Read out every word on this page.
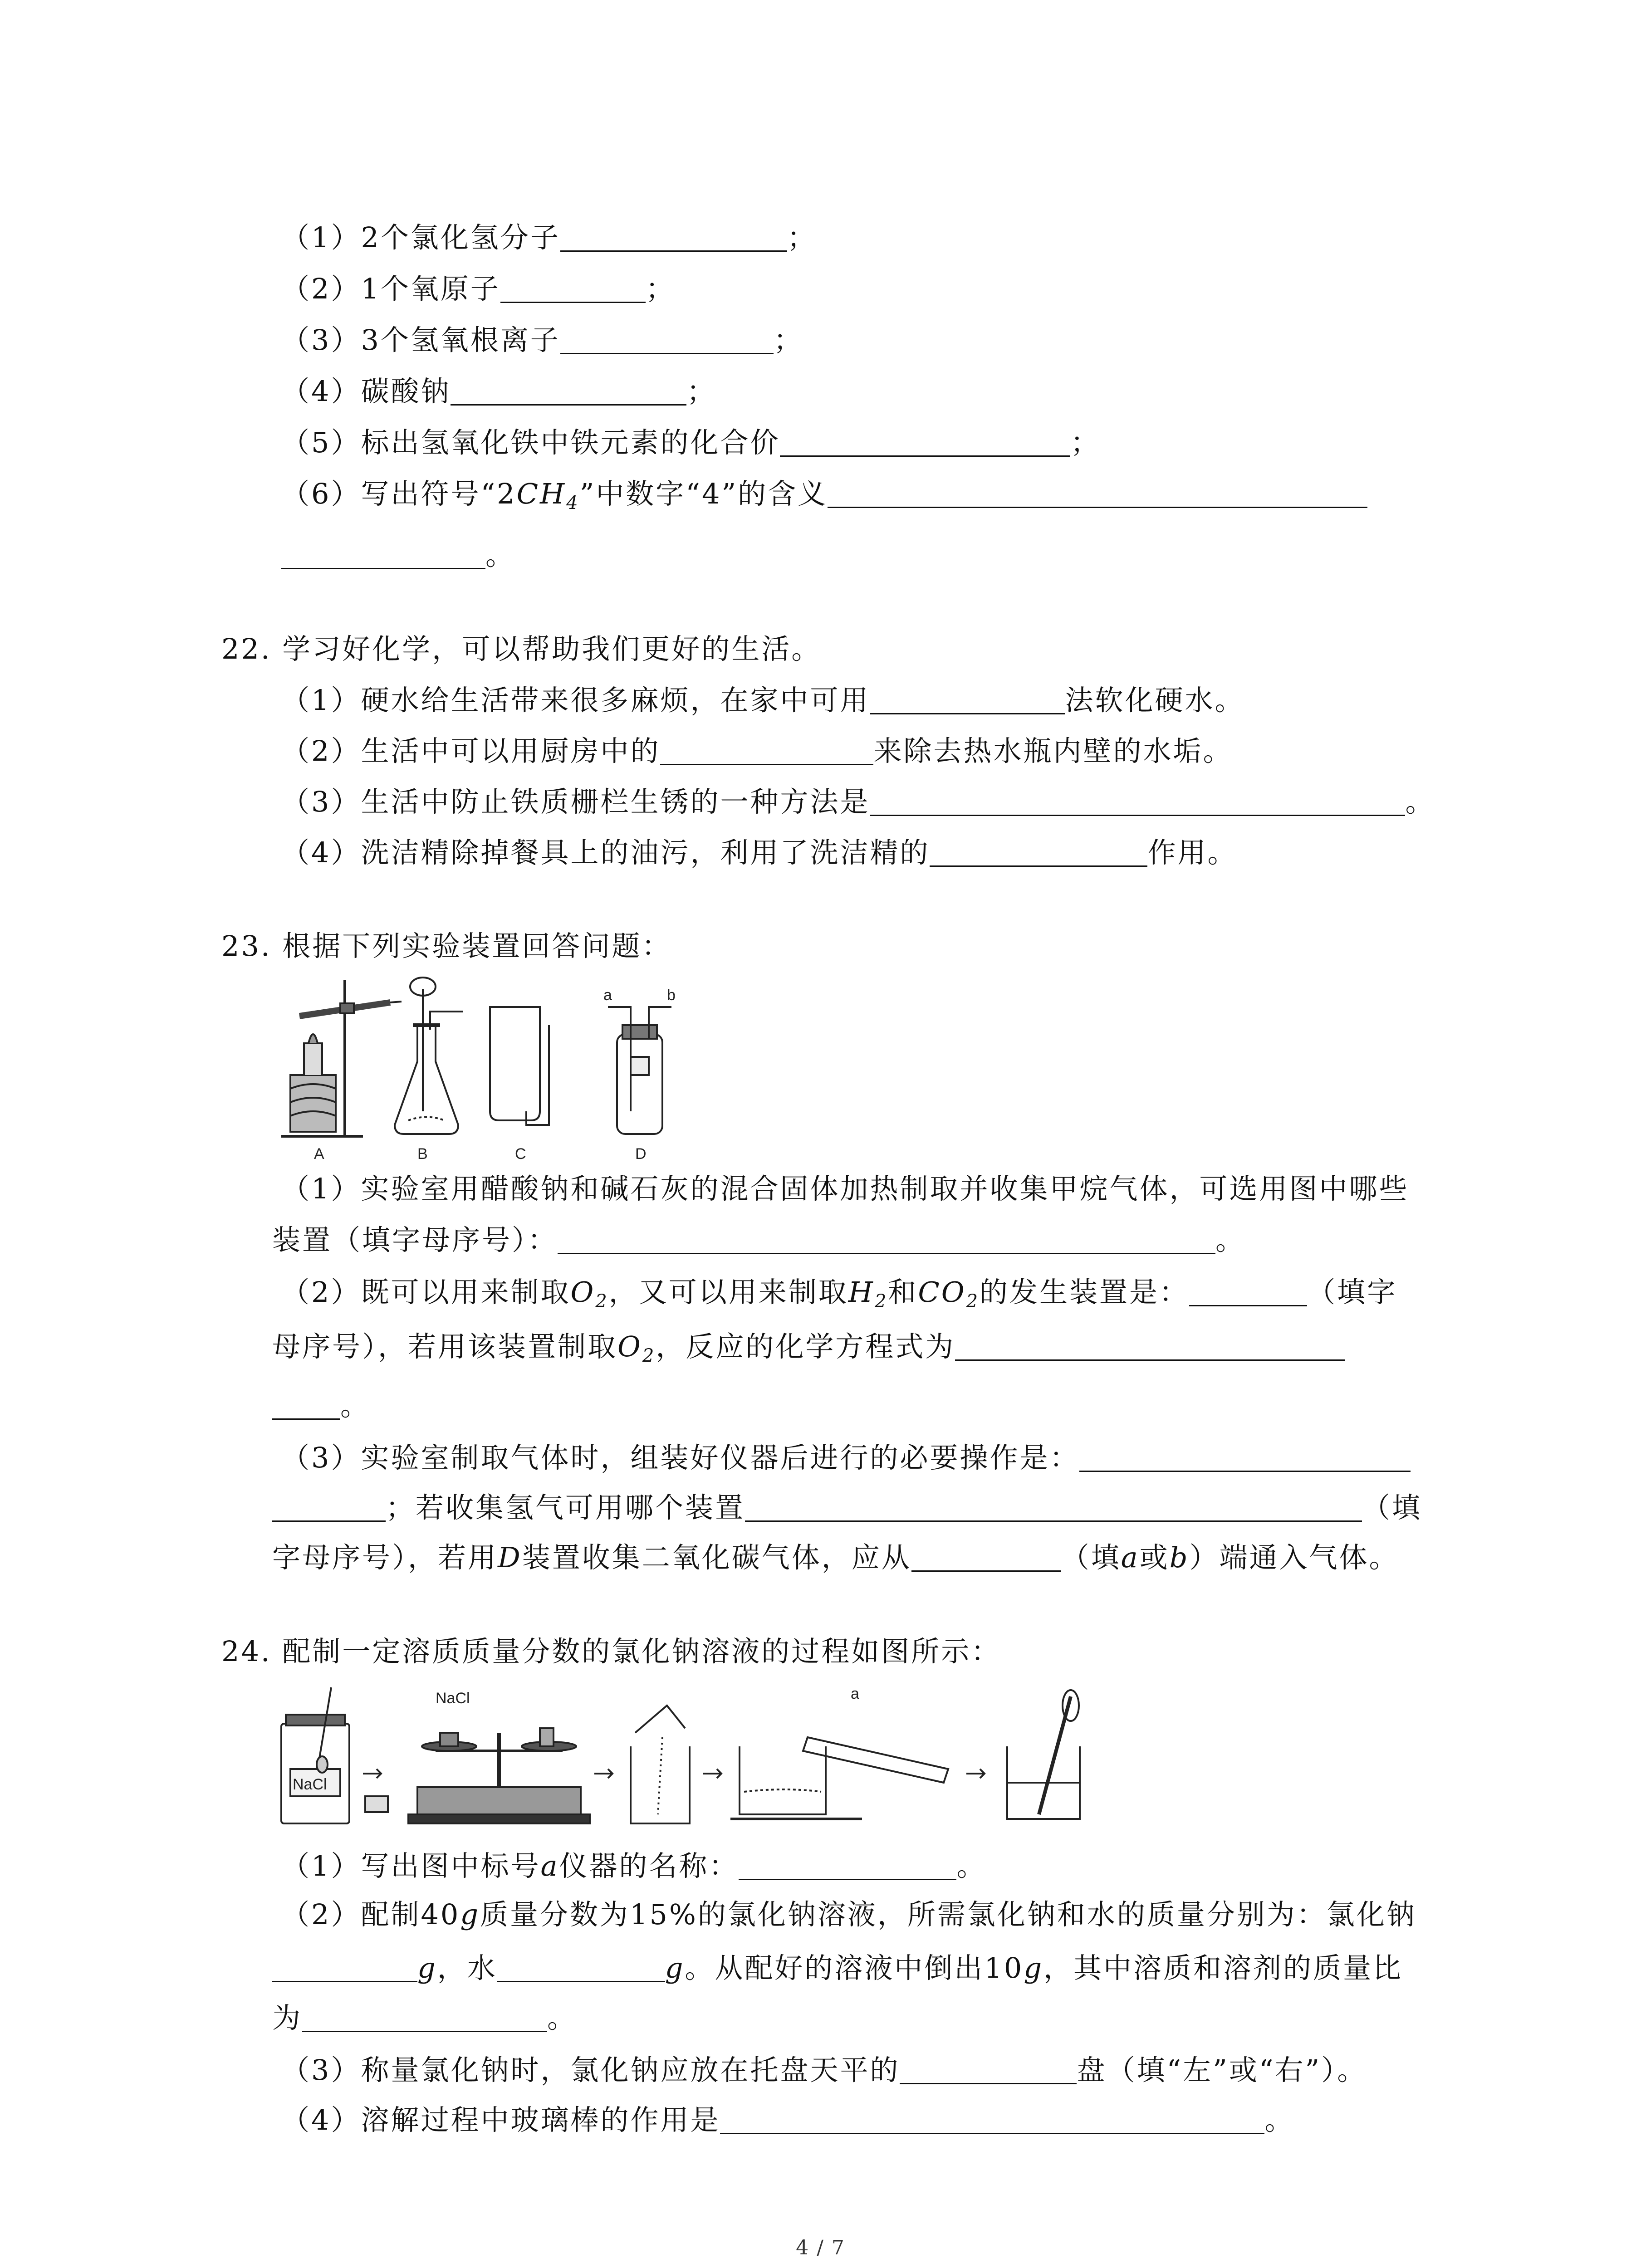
（1）2个氯化氢分子	；
（2）1个氧原子	；
（3）3个氢氧根离子	；
（4）碳酸钠	；
（5）标出氢氧化铁中铁元素的化合价	；
（6）写出符号“$2CH_4$”中数字“4”的含义
。
22. 学习好化学，可以帮助我们更好的生活。
（1）硬水给生活带来很多麻烦，在家中可用	法软化硬水。
（2）生活中可以用厨房中的	来除去热水瓶内壁的水垢。
（3）生活中防止铁质栅栏生锈的一种方法是	。
（4）洗洁精除掉餐具上的油污，利用了洗洁精的	作用。
23. 根据下列实验装置回答问题：
A	B	C	D
a	b
（1）实验室用醋酸钠和碱石灰的混合固体加热制取并收集甲烷气体，可选用图中哪些
装置（填字母序号）：	。
（2）既可以用来制取$O_2$，又可以用来制取$H_2$和$CO_2$的发生装置是：	（填字
母序号），若用该装置制取$O_2$，反应的化学方程式为
。
（3）实验室制取气体时，组装好仪器后进行的必要操作是：
；若收集氢气可用哪个装置	（填
字母序号），若用D装置收集二氧化碳气体，应从	（填a或b）端通入气体。
24. 配制一定溶质质量分数的氯化钠溶液的过程如图所示：
NaCl
NaCl	a
（1）写出图中标号a仪器的名称：	。
（2）配制40g质量分数为15%的氯化钠溶液，所需氯化钠和水的质量分别为：氯化钠
g，水	g。从配好的溶液中倒出10g，其中溶质和溶剂的质量比
为	。
（3）称量氯化钠时，氯化钠应放在托盘天平的	盘（填“左”或“右”）。
（4）溶解过程中玻璃棒的作用是	。
4 / 7
